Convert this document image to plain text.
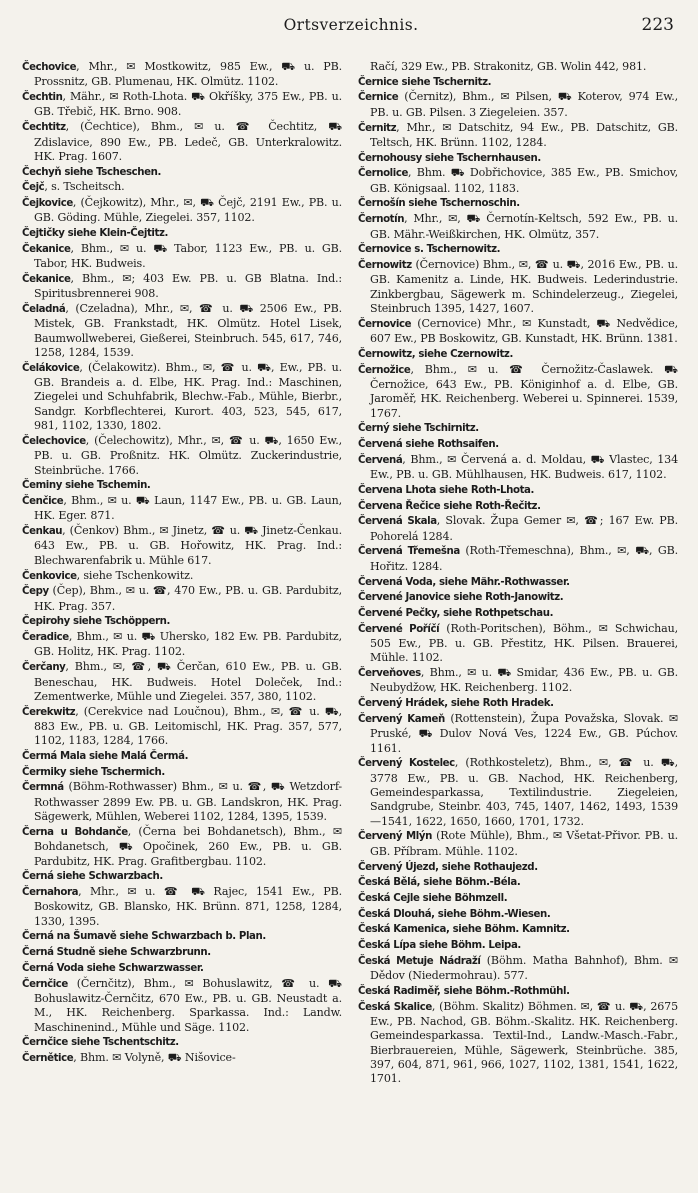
Ortsverzeichnis.	223

Čechovice, Mhr., ✉ Mostkowitz, 985 Ew., ⛟ u. PB. Prossnitz, GB. Plumenau, HK. Olmütz. 1102.

Čechtin, Mähr., ✉ Roth-Lhota. ⛟ Okříšky, 375 Ew., PB. u. GB. Třebič, HK. Brno. 908.

Čechtitz, (Čechtice), Bhm., ✉ u. ☎ Čechtitz, ⛟ Zdislavice, 890 Ew., PB. Ledeč, GB. Unterkralowitz. HK. Prag. 1607.

Čechyň siehe Tscheschen.

Čejč, s. Tscheitsch.

Čejkovice, (Čejkowitz), Mhr., ✉, ⛟ Čejč, 2191 Ew., PB. u. GB. Göding. Mühle, Ziegelei. 357, 1102.

Čejtičky siehe Klein-Čejtitz.

Čekanice, Bhm., ✉ u. ⛟ Tabor, 1123 Ew., PB. u. GB. Tabor, HK. Budweis.

Čekanice, Bhm., ✉; 403 Ew. PB. u. GB Blatna. Ind.: Spiritusbrennerei 908.

Čeladná, (Czeladna), Mhr., ✉, ☎ u. ⛟ 2506 Ew., PB. Mistek, GB. Frankstadt, HK. Olmütz. Hotel Lisek, Baumwollweberei, Gießerei, Steinbruch. 545, 617, 746, 1258, 1284, 1539.

Čelákovice, (Čelakowitz). Bhm., ✉, ☎ u. ⛟, Ew., PB. u. GB. Brandeis a. d. Elbe, HK. Prag. Ind.: Maschinen, Ziegelei und Schuhfabrik, Blechw.-Fab., Mühle, Bierbr., Sandgr. Korbflechterei, Kurort. 403, 523, 545, 617, 981, 1102, 1330, 1802.

Čelechovice, (Čelechowitz), Mhr., ✉, ☎ u. ⛟, 1650 Ew., PB. u. GB. Proßnitz. HK. Olmütz. Zuckerindustrie, Steinbrüche. 1766.

Čeminy siehe Tschemin.

Čenčice, Bhm., ✉ u. ⛟ Laun, 1147 Ew., PB. u. GB. Laun, HK. Eger. 871.

Čenkau, (Čenkov) Bhm., ✉ Jinetz, ☎ u. ⛟ Jinetz-Čenkau. 643 Ew., PB. u. GB. Hořowitz, HK. Prag. Ind.: Blechwarenfabrik u. Mühle 617.

Čenkovice, siehe Tschenkowitz.

Čepy (Čep), Bhm., ✉ u. ☎, 470 Ew., PB. u. GB. Pardubitz, HK. Prag. 357.

Čepirohy siehe Tschöppern.

Čeradice, Bhm., ✉ u. ⛟ Uhersko, 182 Ew. PB. Pardubitz, GB. Holitz, HK. Prag. 1102.

Čerčany, Bhm., ✉, ☎, ⛟ Čerčan, 610 Ew., PB. u. GB. Beneschau, HK. Budweis. Hotel Doleček, Ind.: Zementwerke, Mühle und Ziegelei. 357, 380, 1102.

Čerekwitz, (Cerekvice nad Loučnou), Bhm., ✉, ☎ u. ⛟, 883 Ew., PB. u. GB. Leitomischl, HK. Prag. 357, 577, 1102, 1183, 1284, 1766.

Čermá Mala siehe Malá Čermá.

Čermiky siehe Tschermich.

Čermná (Böhm-Rothwasser) Bhm., ✉ u. ☎, ⛟ Wetzdorf-Rothwasser 2899 Ew. PB. u. GB. Landskron, HK. Prag. Sägewerk, Mühlen, Weberei 1102, 1284, 1395, 1539.

Černa u Bohdanče, (Černa bei Bohdanetsch), Bhm., ✉ Bohdanetsch, ⛟ Opočinek, 260 Ew., PB. u. GB. Pardubitz, HK. Prag. Grafitbergbau. 1102.

Černá siehe Schwarzbach.

Černahora, Mhr., ✉ u. ☎ ⛟ Rajec, 1541 Ew., PB. Boskowitz, GB. Blansko, HK. Brünn. 871, 1258, 1284, 1330, 1395.

Černá na Šumavě siehe Schwarzbach b. Plan.

Černá Studně siehe Schwarzbrunn.

Černá Voda siehe Schwarzwasser.

Černčice (Černčitz), Bhm., ✉ Bohuslawitz, ☎ u. ⛟ Bohuslawitz-Černčitz, 670 Ew., PB. u. GB. Neustadt a. M., HK. Reichenberg. Sparkassa. Ind.: Landw. Maschinenind., Mühle und Säge. 1102.

Černčice siehe Tschentschitz.

Černětice, Bhm. ✉ Volyně, ⛟ Nišovice-

Račí, 329 Ew., PB. Strakonitz, GB. Wolin 442, 981.

Černice siehe Tschernitz.

Černice (Černitz), Bhm., ✉ Pilsen, ⛟ Koterov, 974 Ew., PB. u. GB. Pilsen. 3 Ziegeleien. 357.

Černitz, Mhr., ✉ Datschitz, 94 Ew., PB. Datschitz, GB. Teltsch, HK. Brünn. 1102, 1284.

Černohousy siehe Tschernhausen.

Černolice, Bhm. ⛟ Dobřichovice, 385 Ew., PB. Smichov, GB. Königsaal. 1102, 1183.

Černošín siehe Tschernoschin.

Černotín, Mhr., ✉, ⛟ Černotín-Keltsch, 592 Ew., PB. u. GB. Mähr.-Weißkirchen, HK. Olmütz, 357.

Černovice s. Tschernowitz.

Černowitz (Černovice) Bhm., ✉, ☎ u. ⛟, 2016 Ew., PB. u. GB. Kamenitz a. Linde, HK. Budweis. Lederindustrie. Zinkbergbau, Sägewerk m. Schindelerzeug., Ziegelei, Steinbruch 1395, 1427, 1607.

Černovice (Cernovice) Mhr., ✉ Kunstadt, ⛟ Nedvědice, 607 Ew., PB Boskowitz, GB. Kunstadt, HK. Brünn. 1381.

Černowitz, siehe Czernowitz.

Černožice, Bhm., ✉ u. ☎ Černožitz-Časlawek. ⛟ Černožice, 643 Ew., PB. Königinhof a. d. Elbe, GB. Jaroměř, HK. Reichenberg. Weberei u. Spinnerei. 1539, 1767.

Černý siehe Tschirnitz.

Červená siehe Rothsaifen.

Červená, Bhm., ✉ Červená a. d. Moldau, ⛟ Vlastec, 134 Ew., PB. u. GB. Mühlhausen, HK. Budweis. 617, 1102.

Červena Lhota siehe Roth-Lhota.

Červena Řečice siehe Roth-Řečitz.

Červená Skala, Slovak. Župa Gemer ✉, ☎; 167 Ew. PB. Pohorelá 1284.

Červená Třemešna (Roth-Třemeschna), Bhm., ✉, ⛟, GB. Hořitz. 1284.

Červená Voda, siehe Mähr.-Rothwasser.

Červené Janovice siehe Roth-Janowitz.

Červené Pečky, siehe Rothpetschau.

Červené Poříčí (Roth-Poritschen), Böhm., ✉ Schwichau, 505 Ew., PB. u. GB. Přestitz, HK. Pilsen. Brauerei, Mühle. 1102.

Červeňoves, Bhm., ✉ u. ⛟ Smidar, 436 Ew., PB. u. GB. Neubydžow, HK. Reichenberg. 1102.

Červený Hrádek, siehe Roth Hradek.

Červený Kameň (Rottenstein), Župa Považska, Slovak. ✉ Pruské, ⛟ Dulov Nová Ves, 1224 Ew., GB. Púchov. 1161.

Červený Kostelec, (Rothkosteletz), Bhm., ✉, ☎ u. ⛟, 3778 Ew., PB. u. GB. Nachod, HK. Reichenberg, Gemeindesparkassa, Textilindustrie. Ziegeleien, Sandgrube, Steinbr. 403, 745, 1407, 1462, 1493, 1539—1541, 1622, 1650, 1660, 1701, 1732.

Červený Mlýn (Rote Mühle), Bhm., ✉ Všetat-Přivor. PB. u. GB. Příbram. Mühle. 1102.

Červený Újezd, siehe Rothaujezd.

Česká Bělá, siehe Böhm.-Béla.

Česká Cejle siehe Böhmzell.

Česká Dlouhá, siehe Böhm.-Wiesen.

Česká Kamenica, siehe Böhm. Kamnitz.

Česká Lípa siehe Böhm. Leipa.

Česká Metuje Nádraží (Böhm. Matha Bahnhof), Bhm. ✉ Dědov (Niedermohrau). 577.

Česká Radiměř, siehe Böhm.-Rothmühl.

Česká Skalice, (Böhm. Skalitz) Böhmen. ✉, ☎ u. ⛟, 2675 Ew., PB. Nachod, GB. Böhm.-Skalitz. HK. Reichenberg. Gemeindesparkassa. Textil-Ind., Landw.-Masch.-Fabr., Bierbrauereien, Mühle, Sägewerk, Steinbrüche. 385, 397, 604, 871, 961, 966, 1027, 1102, 1381, 1541, 1622, 1701.
